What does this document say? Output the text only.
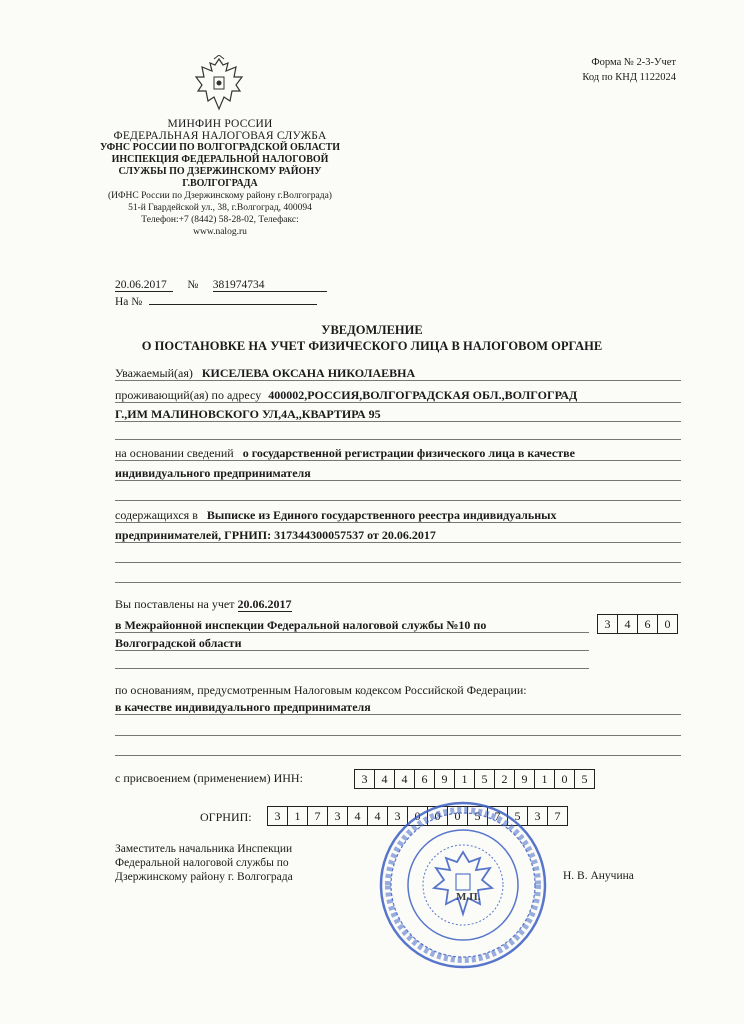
Форма № 2-3-Учет
Код по КНД 1122024
МИНФИН РОССИИ
ФЕДЕРАЛЬНАЯ НАЛОГОВАЯ СЛУЖБА
УФНС РОССИИ ПО ВОЛГОГРАДСКОЙ ОБЛАСТИ
ИНСПЕКЦИЯ ФЕДЕРАЛЬНОЙ НАЛОГОВОЙ
СЛУЖБЫ ПО ДЗЕРЖИНСКОМУ РАЙОНУ
Г.ВОЛГОГРАДА
(ИФНС России по Дзержинскому району г.Волгограда)
51-й Гвардейской ул., 38, г.Волгоград, 400094
Телефон:+7 (8442) 58-28-02, Телефакс:
www.nalog.ru
20.06.2017 № 381974734
На №
УВЕДОМЛЕНИЕ
О ПОСТАНОВКЕ НА УЧЕТ ФИЗИЧЕСКОГО ЛИЦА В НАЛОГОВОМ ОРГАНЕ
Уважаемый(ая) КИСЕЛЕВА ОКСАНА НИКОЛАЕВНА
проживающий(ая) по адресу 400002,РОССИЯ,ВОЛГОГРАДСКАЯ ОБЛ.,ВОЛГОГРАД
Г.,ИМ МАЛИНОВСКОГО УЛ,4А,,КВАРТИРА 95
на основании сведений о государственной регистрации физического лица в качестве
индивидуального предпринимателя
содержащихся в Выписке из Единого государственного реестра индивидуальных
предпринимателей, ГРНИП: 317344300057537 от 20.06.2017
Вы поставлены на учет 20.06.2017
в Межрайонной инспекции Федеральной налоговой службы №10 по
Волгоградской области
3	4	6	0
по основаниям, предусмотренным Налоговым кодексом Российской Федерации:
в качестве индивидуального предпринимателя
с присвоением (применением) ИНН:	3	4	4	6	9	1	5	2	9	1	0	5
ОГРНИП:	3	1	7	3	4	4	3	0	0	0	5	7	5	3	7
Заместитель начальника Инспекции
Федеральной налоговой службы по
Дзержинскому району г. Волгограда	Н. В. Анучина
М.П.
